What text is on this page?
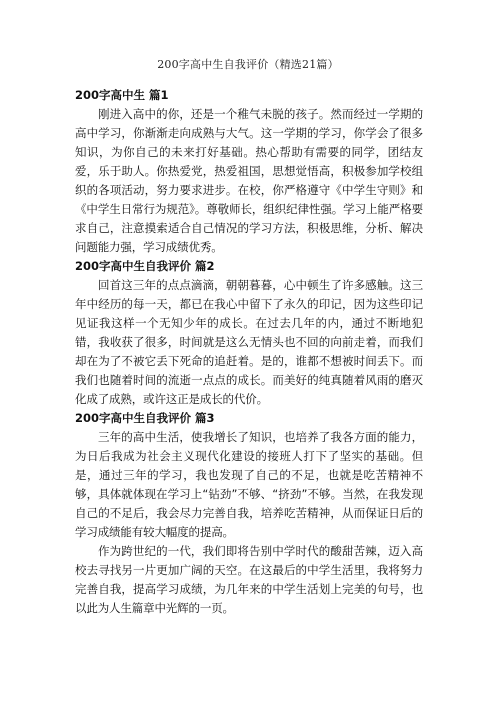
200字高中生自我评价（精选21篇）

200字高中生 篇1

刚进入高中的你，还是一个稚气未脱的孩子。然而经过一学期的高中学习，你渐渐走向成熟与大气。这一学期的学习，你学会了很多知识，为你自己的未来打好基础。热心帮助有需要的同学，团结友爱，乐于助人。你热爱党，热爱祖国，思想觉悟高，积极参加学校组织的各项活动，努力要求进步。在校，你严格遵守《中学生守则》和《中学生日常行为规范》。尊敬师长，组织纪律性强。学习上能严格要求自己，注意摸索适合自己情况的学习方法，积极思维，分析、解决问题能力强，学习成绩优秀。

200字高中生自我评价 篇2

回首这三年的点点滴滴，朝朝暮暮，心中顿生了许多感触。这三年中经历的每一天，都已在我心中留下了永久的印记，因为这些印记见证我这样一个无知少年的成长。在过去几年的内，通过不断地犯错，我收获了很多，时间就是这么无情头也不回的向前走着，而我们却在为了不被它丢下死命的追赶着。是的，谁都不想被时间丢下。而我们也随着时间的流逝一点点的成长。而美好的纯真随着风雨的磨灭化成了成熟，或许这正是成长的代价。

200字高中生自我评价 篇3

三年的高中生活，使我增长了知识，也培养了我各方面的能力，为日后我成为社会主义现代化建设的接班人打下了坚实的基础。但是，通过三年的学习，我也发现了自己的不足，也就是吃苦精神不够，具体就体现在学习上“钻劲”不够、“挤劲”不够。当然，在我发现自己的不足后，我会尽力完善自我，培养吃苦精神，从而保证日后的学习成绩能有较大幅度的提高。

作为跨世纪的一代，我们即将告别中学时代的酸甜苦辣，迈入高校去寻找另一片更加广阔的天空。在这最后的中学生活里，我将努力完善自我，提高学习成绩，为几年来的中学生活划上完美的句号，也以此为人生篇章中光辉的一页。
